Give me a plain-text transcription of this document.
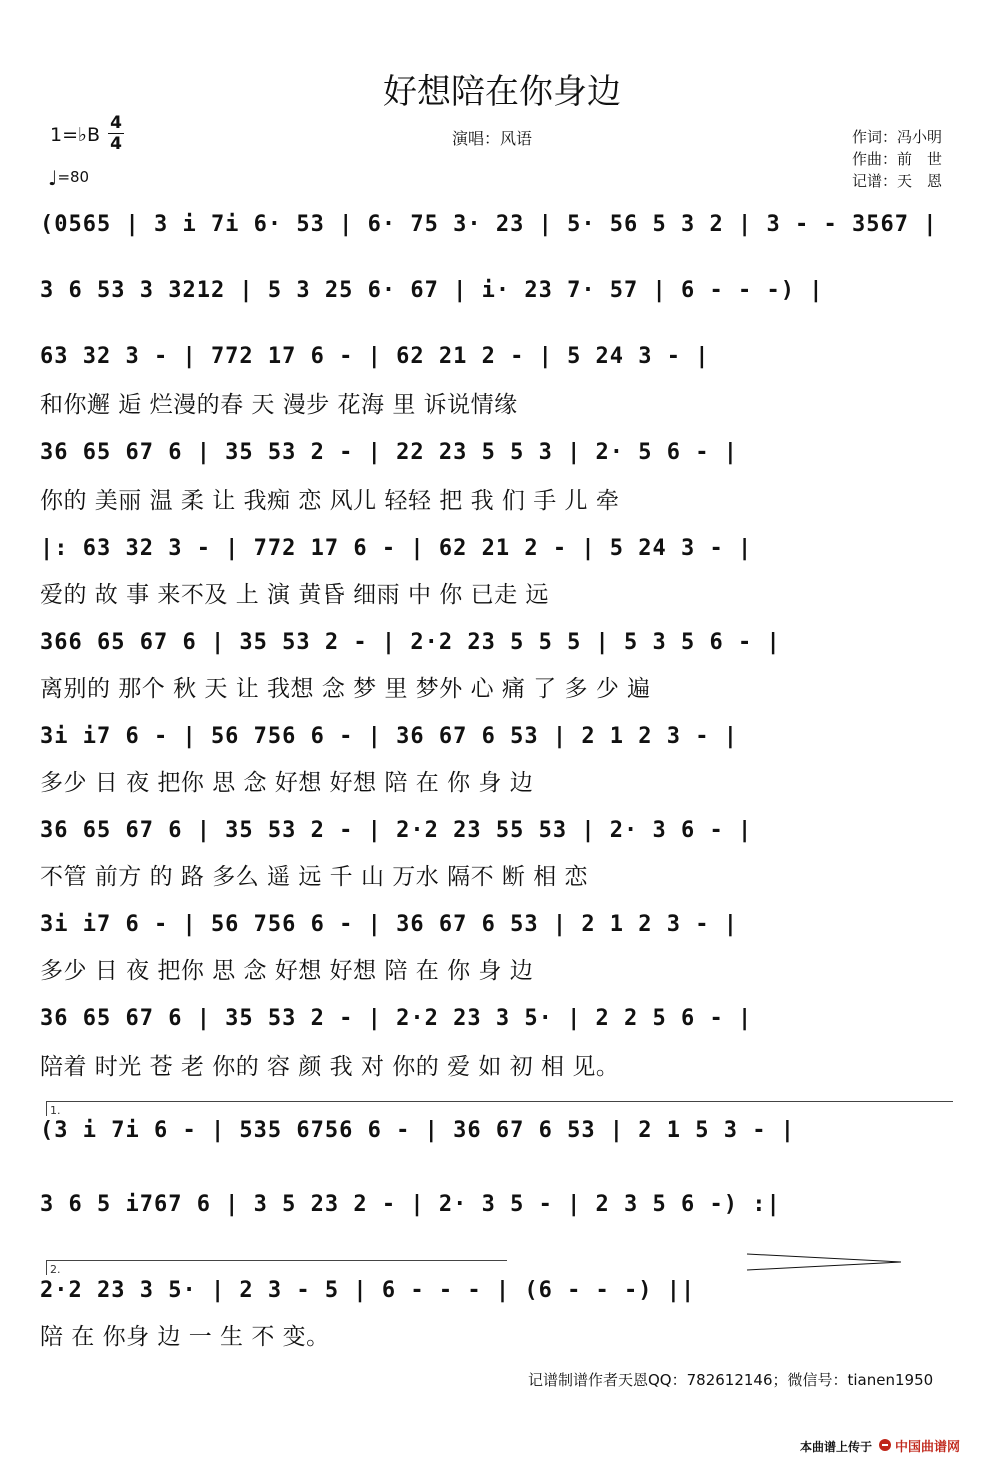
好想陪在你身边
1=♭B
4
4
♩=80
演唱：风语	作词：冯小明
作曲：前　世
记谱：天　恩
(0565 | 3 i 7i 6· 53 | 6· 75 3· 23 | 5· 56 5 3 2 | 3 - - 3567 |
3 6 53 3 3212 | 5 3 25 6· 67 | i· 23 7· 57 | 6 - - -) |
63 32 3 - | 772 17 6 - | 62 21 2 - | 5 24 3 - |
和你邂 逅 烂漫的春 天 漫步 花海 里 诉说情缘
36 65 67 6 | 35 53 2 - | 22 23 5 5 3 | 2· 5 6 - |
你的 美丽 温 柔 让 我痴 恋 风儿 轻轻 把 我 们 手 儿 牵
|: 63 32 3 - | 772 17 6 - | 62 21 2 - | 5 24 3 - |
爱的 故 事 来不及 上 演 黄昏 细雨 中 你 已走 远
366 65 67 6 | 35 53 2 - | 2·2 23 5 5 5 | 5 3 5 6 - |
离别的 那个 秋 天 让 我想 念 梦 里 梦外 心 痛 了 多 少 遍
3i i7 6 - | 56 756 6 - | 36 67 6 53 | 2 1 2 3 - |
多少 日 夜 把你 思 念 好想 好想 陪 在 你 身 边
36 65 67 6 | 35 53 2 - | 2·2 23 55 53 | 2· 3 6 - |
不管 前方 的 路 多么 遥 远 千 山 万水 隔不 断 相 恋
3i i7 6 - | 56 756 6 - | 36 67 6 53 | 2 1 2 3 - |
多少 日 夜 把你 思 念 好想 好想 陪 在 你 身 边
36 65 67 6 | 35 53 2 - | 2·2 23 3 5· | 2 2 5 6 - |
陪着 时光 苍 老 你的 容 颜 我 对 你的 爱 如 初 相 见。
(3 i 7i 6 - | 535 6756 6 - | 36 67 6 53 | 2 1 5 3 - |
3 6 5 i767 6 | 3 5 23 2 - | 2· 3 5 - | 2 3 5 6 -) :|
2·2 23 3 5· | 2 3 - 5 | 6 - - - | (6 - - -) ||
陪 在 你身 边 一 生 不 变。
1.
2.
记谱制谱作者天恩QQ：782612146；微信号：tianen1950
本曲谱上传于 中国曲谱网
